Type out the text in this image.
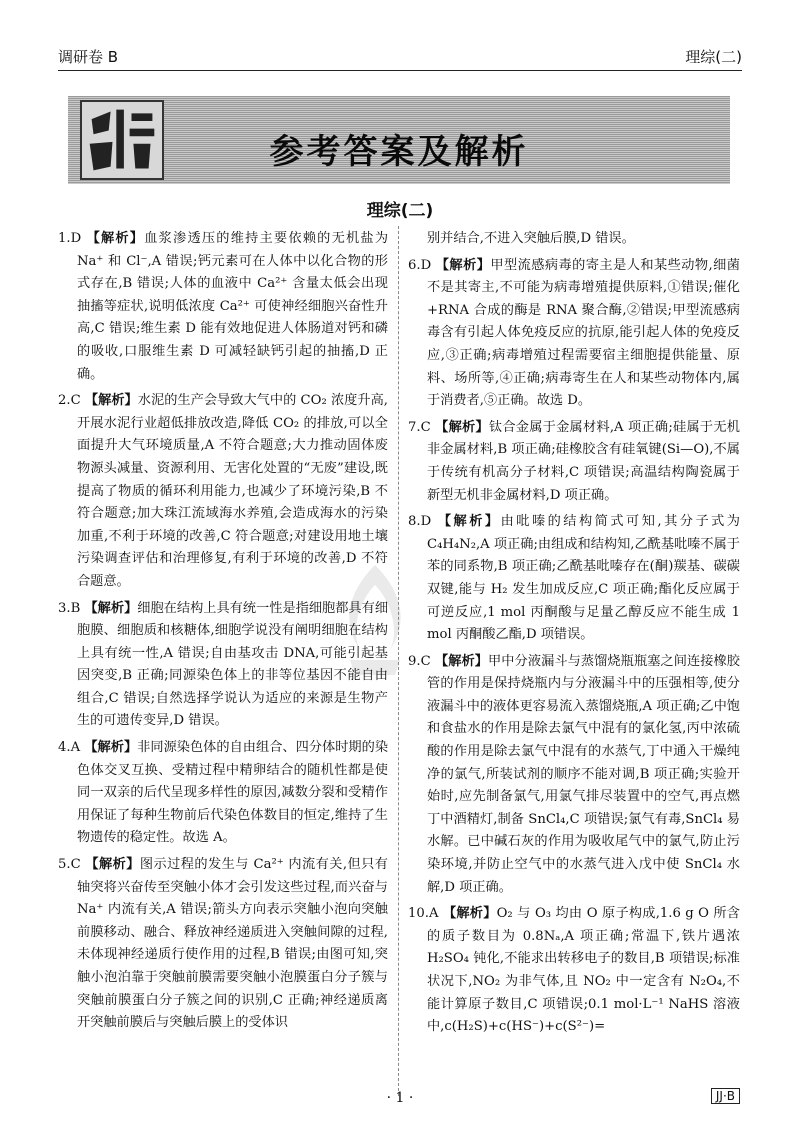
调研卷 B	理综(二)
参考答案及解析
理综(二)

1.D 【解析】血浆渗透压的维持主要依赖的无机盐为 Na⁺ 和 Cl⁻,A 错误;钙元素可在人体中以化合物的形式存在,B 错误;人体的血液中 Ca²⁺ 含量太低会出现抽搐等症状,说明低浓度 Ca²⁺ 可使神经细胞兴奋性升高,C 错误;维生素 D 能有效地促进人体肠道对钙和磷的吸收,口服维生素 D 可减轻缺钙引起的抽搐,D 正确。

2.C 【解析】水泥的生产会导致大气中的 CO₂ 浓度升高,开展水泥行业超低排放改造,降低 CO₂ 的排放,可以全面提升大气环境质量,A 不符合题意;大力推动固体废物源头减量、资源利用、无害化处置的“无废”建设,既提高了物质的循环利用能力,也减少了环境污染,B 不符合题意;加大珠江流域海水养殖,会造成海水的污染加重,不利于环境的改善,C 符合题意;对建设用地土壤污染调查评估和治理修复,有利于环境的改善,D 不符合题意。

3.B 【解析】细胞在结构上具有统一性是指细胞都具有细胞膜、细胞质和核糖体,细胞学说没有阐明细胞在结构上具有统一性,A 错误;自由基攻击 DNA,可能引起基因突变,B 正确;同源染色体上的非等位基因不能自由组合,C 错误;自然选择学说认为适应的来源是生物产生的可遗传变异,D 错误。

4.A 【解析】非同源染色体的自由组合、四分体时期的染色体交叉互换、受精过程中精卵结合的随机性都是使同一双亲的后代呈现多样性的原因,减数分裂和受精作用保证了每种生物前后代染色体数目的恒定,维持了生物遗传的稳定性。故选 A。

5.C 【解析】图示过程的发生与 Ca²⁺ 内流有关,但只有轴突将兴奋传至突触小体才会引发这些过程,而兴奋与 Na⁺ 内流有关,A 错误;箭头方向表示突触小泡向突触前膜移动、融合、释放神经递质进入突触间隙的过程,未体现神经递质行使作用的过程,B 错误;由图可知,突触小泡泊靠于突触前膜需要突触小泡膜蛋白分子簇与突触前膜蛋白分子簇之间的识别,C 正确;神经递质离开突触前膜后与突触后膜上的受体识

别并结合,不进入突触后膜,D 错误。

6.D 【解析】甲型流感病毒的寄主是人和某些动物,细菌不是其寄主,不可能为病毒增殖提供原料,①错误;催化+RNA 合成的酶是 RNA 聚合酶,②错误;甲型流感病毒含有引起人体免疫反应的抗原,能引起人体的免疫反应,③正确;病毒增殖过程需要宿主细胞提供能量、原料、场所等,④正确;病毒寄生在人和某些动物体内,属于消费者,⑤正确。故选 D。

7.C 【解析】钛合金属于金属材料,A 项正确;硅属于无机非金属材料,B 项正确;硅橡胶含有硅氧键(Si—O),不属于传统有机高分子材料,C 项错误;高温结构陶瓷属于新型无机非金属材料,D 项正确。

8.D 【解析】由吡嗪的结构简式可知,其分子式为 C₄H₄N₂,A 项正确;由组成和结构知,乙酰基吡嗪不属于苯的同系物,B 项正确;乙酰基吡嗪存在(酮)羰基、碳碳双键,能与 H₂ 发生加成反应,C 项正确;酯化反应属于可逆反应,1 mol 丙酮酸与足量乙醇反应不能生成 1 mol 丙酮酸乙酯,D 项错误。

9.C 【解析】甲中分液漏斗与蒸馏烧瓶瓶塞之间连接橡胶管的作用是保持烧瓶内与分液漏斗中的压强相等,使分液漏斗中的液体更容易流入蒸馏烧瓶,A 项正确;乙中饱和食盐水的作用是除去氯气中混有的氯化氢,丙中浓硫酸的作用是除去氯气中混有的水蒸气,丁中通入干燥纯净的氯气,所装试剂的顺序不能对调,B 项正确;实验开始时,应先制备氯气,用氯气排尽装置中的空气,再点燃丁中酒精灯,制备 SnCl₄,C 项错误;氯气有毒,SnCl₄ 易水解。已中碱石灰的作用为吸收尾气中的氯气,防止污染环境,并防止空气中的水蒸气进入戊中使 SnCl₄ 水解,D 项正确。

10.A 【解析】O₂ 与 O₃ 均由 O 原子构成,1.6 g O 所含的质子数目为 0.8Nₐ,A 项正确;常温下,铁片遇浓 H₂SO₄ 钝化,不能求出转移电子的数目,B 项错误;标准状况下,NO₂ 为非气体,且 NO₂ 中一定含有 N₂O₄,不能计算原子数目,C 项错误;0.1 mol·L⁻¹ NaHS 溶液中,c(H₂S)+c(HS⁻)+c(S²⁻)=

· 1 ·	JJ·B
